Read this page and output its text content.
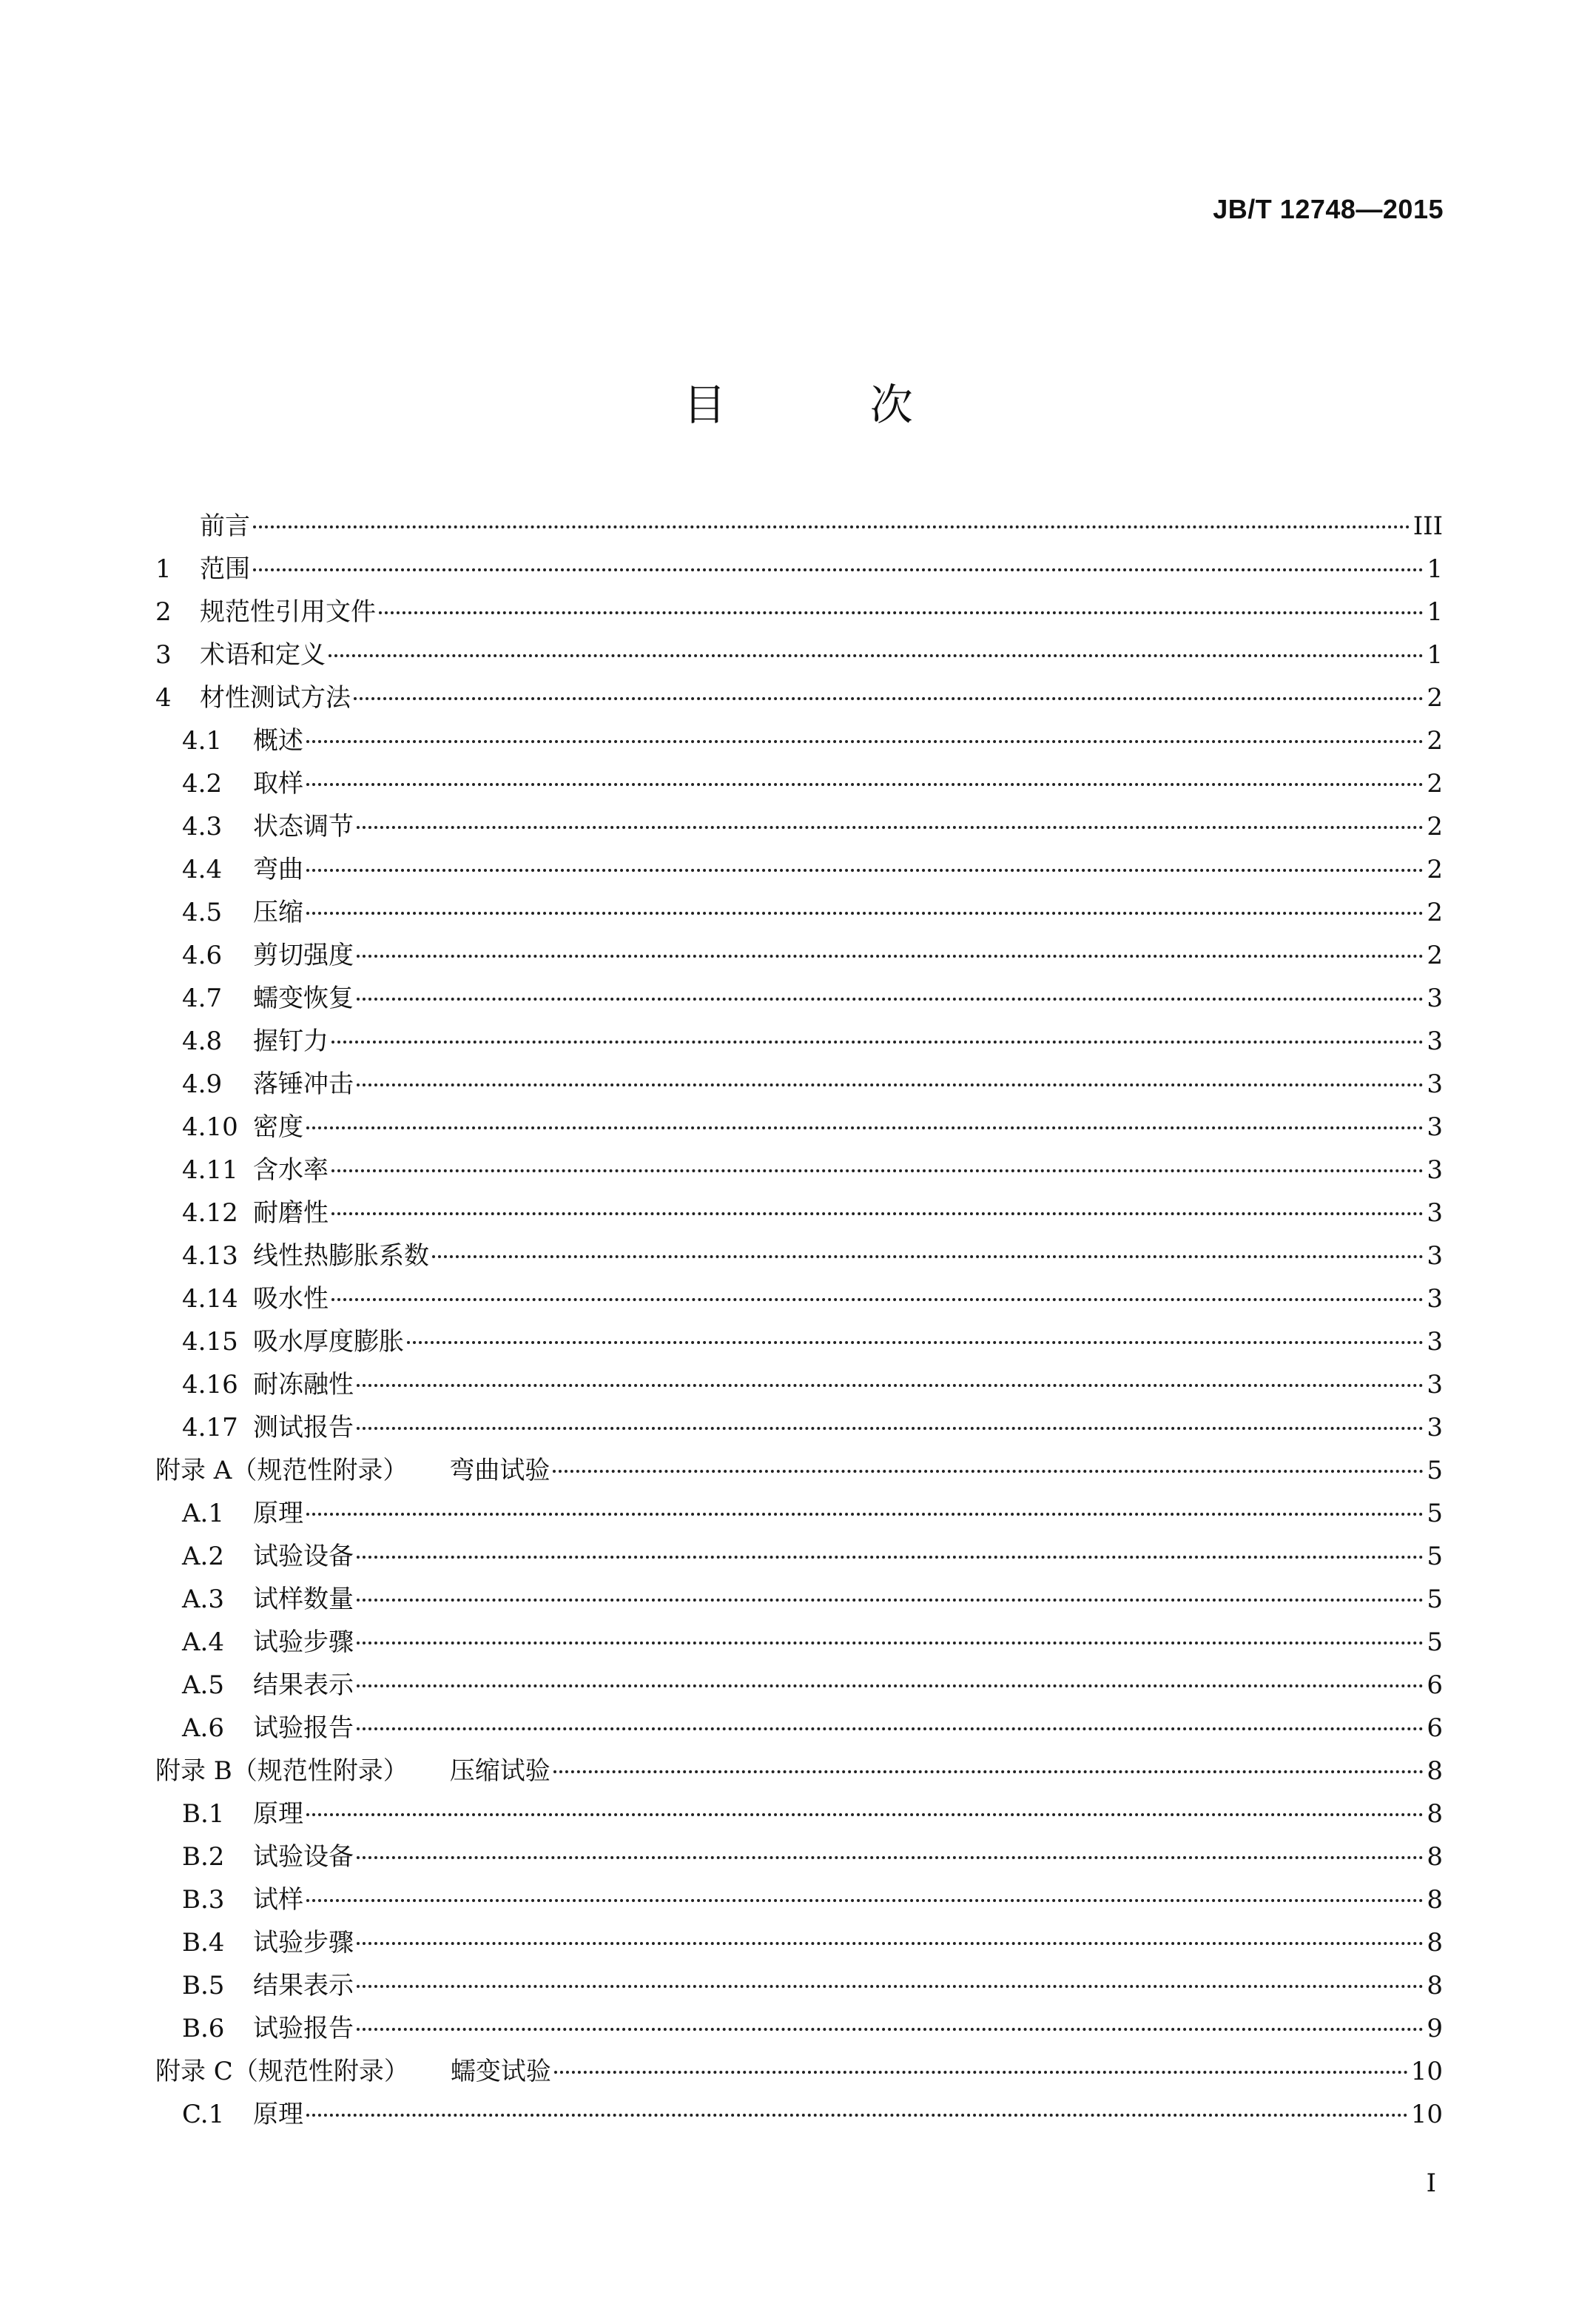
JB/T 12748—2015
目 次
前言	III
1	范围	1
2	规范性引用文件	1
3	术语和定义	1
4	材性测试方法	2
4.1	概述	2
4.2	取样	2
4.3	状态调节	2
4.4	弯曲	2
4.5	压缩	2
4.6	剪切强度	2
4.7	蠕变恢复	3
4.8	握钉力	3
4.9	落锤冲击	3
4.10 密度	3
4.11 含水率	3
4.12 耐磨性	3
4.13 线性热膨胀系数	3
4.14 吸水性	3
4.15 吸水厚度膨胀	3
4.16 耐冻融性	3
4.17 测试报告	3
附录 A（规范性附录） 弯曲试验	5
A.1	原理	5
A.2	试验设备	5
A.3	试样数量	5
A.4	试验步骤	5
A.5	结果表示	6
A.6	试验报告	6
附录 B（规范性附录） 压缩试验	8
B.1	原理	8
B.2	试验设备	8
B.3	试样	8
B.4	试验步骤	8
B.5	结果表示	8
B.6	试验报告	9
附录 C（规范性附录） 蠕变试验	10
C.1	原理	10
I
